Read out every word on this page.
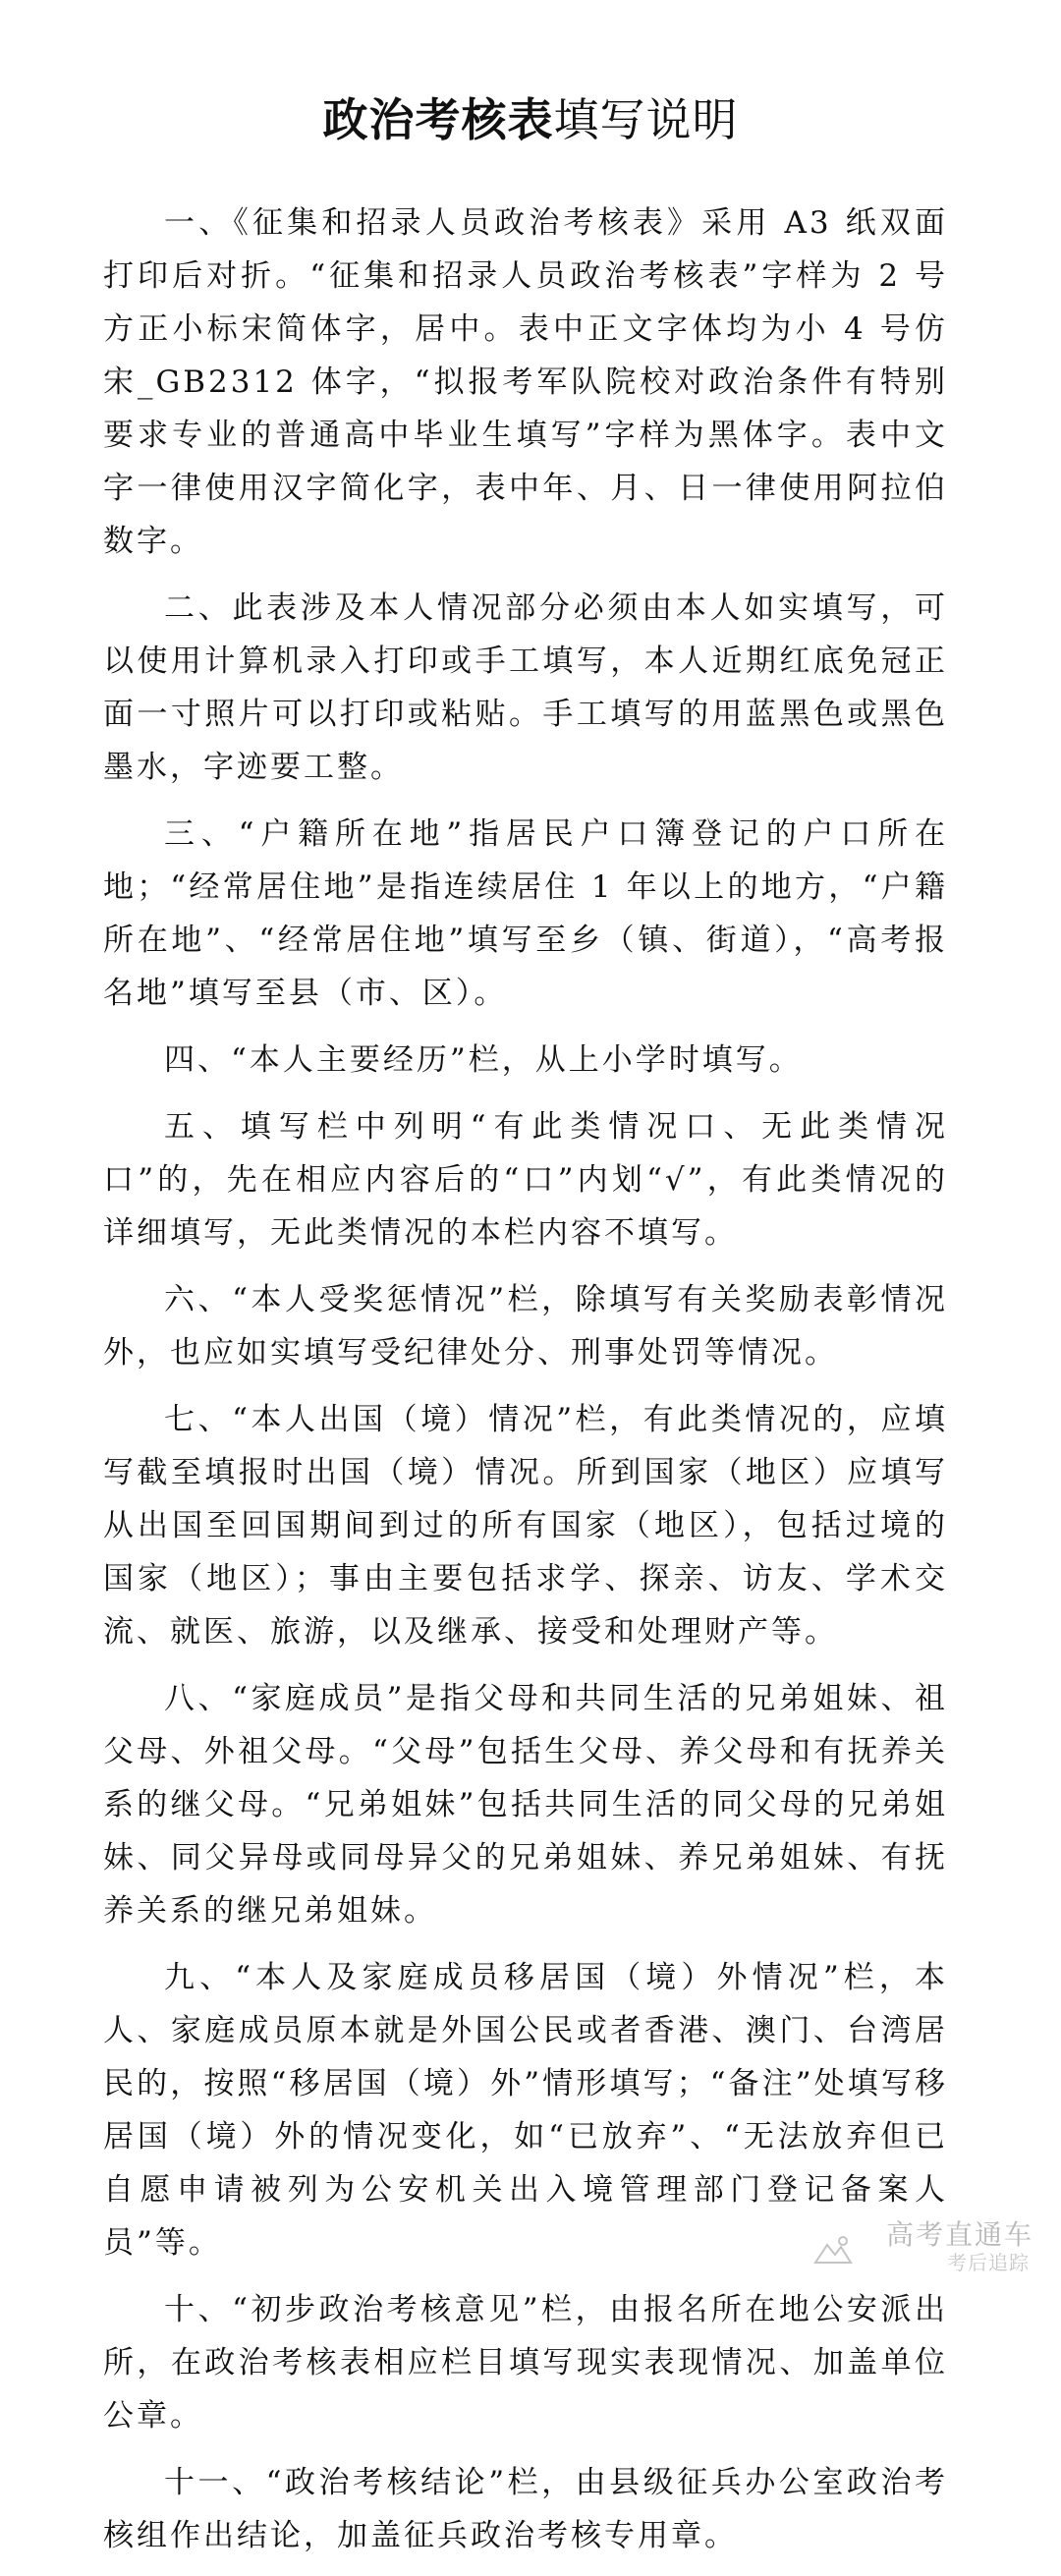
政治考核表填写说明

一、《征集和招录人员政治考核表》采用 A3 纸双面打印后对折。“征集和招录人员政治考核表”字样为 2 号方正小标宋简体字，居中。表中正文字体均为小 4 号仿宋_GB2312 体字，“拟报考军队院校对政治条件有特别要求专业的普通高中毕业生填写”字样为黑体字。表中文字一律使用汉字简化字，表中年、月、日一律使用阿拉伯数字。

二、此表涉及本人情况部分必须由本人如实填写，可以使用计算机录入打印或手工填写，本人近期红底免冠正面一寸照片可以打印或粘贴。手工填写的用蓝黑色或黑色墨水，字迹要工整。

三、“户籍所在地”指居民户口簿登记的户口所在地；“经常居住地”是指连续居住 1 年以上的地方，“户籍所在地”、“经常居住地”填写至乡（镇、街道），“高考报名地”填写至县（市、区）。

四、“本人主要经历”栏，从上小学时填写。

五、填写栏中列明“有此类情况口、无此类情况口”的，先在相应内容后的“口”内划“√”，有此类情况的详细填写，无此类情况的本栏内容不填写。

六、“本人受奖惩情况”栏，除填写有关奖励表彰情况外，也应如实填写受纪律处分、刑事处罚等情况。

七、“本人出国（境）情况”栏，有此类情况的，应填写截至填报时出国（境）情况。所到国家（地区）应填写从出国至回国期间到过的所有国家（地区），包括过境的国家（地区）；事由主要包括求学、探亲、访友、学术交流、就医、旅游，以及继承、接受和处理财产等。

八、“家庭成员”是指父母和共同生活的兄弟姐妹、祖父母、外祖父母。“父母”包括生父母、养父母和有抚养关系的继父母。“兄弟姐妹”包括共同生活的同父母的兄弟姐妹、同父异母或同母异父的兄弟姐妹、养兄弟姐妹、有抚养关系的继兄弟姐妹。

九、“本人及家庭成员移居国（境）外情况”栏，本人、家庭成员原本就是外国公民或者香港、澳门、台湾居民的，按照“移居国（境）外”情形填写；“备注”处填写移居国（境）外的情况变化，如“已放弃”、“无法放弃但已自愿申请被列为公安机关出入境管理部门登记备案人员”等。

十、“初步政治考核意见”栏，由报名所在地公安派出所，在政治考核表相应栏目填写现实表现情况、加盖单位公章。

十一、“政治考核结论”栏，由县级征兵办公室政治考核组作出结论，加盖征兵政治考核专用章。

高考直通车
考后追踪
